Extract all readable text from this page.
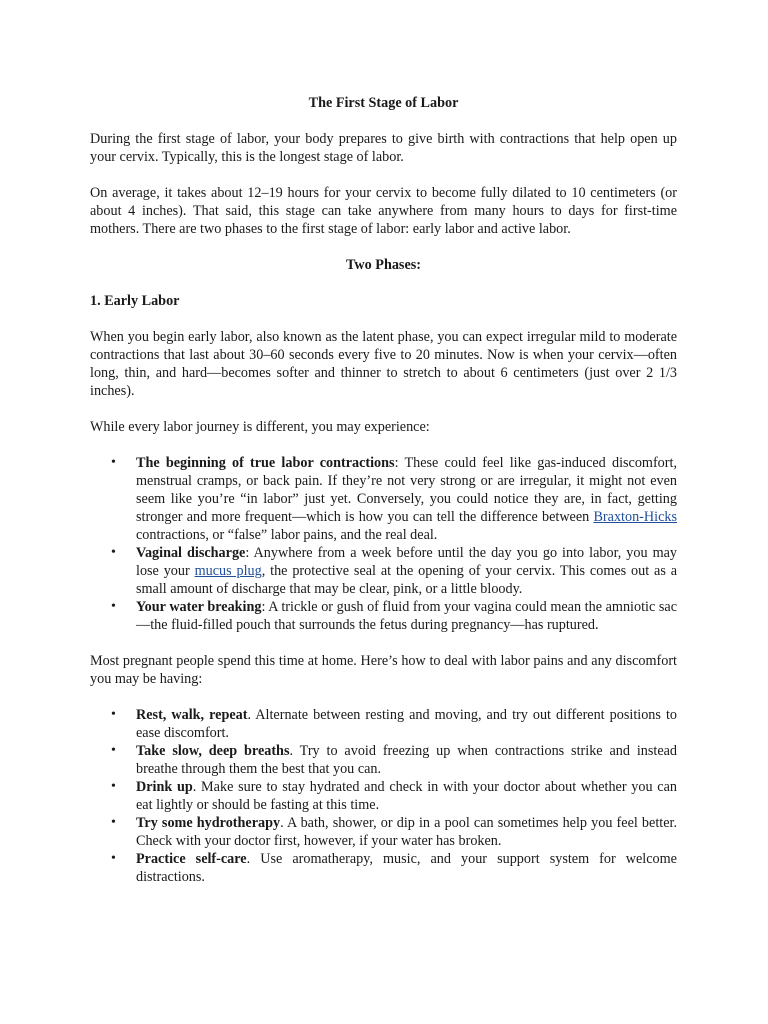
The First Stage of Labor

During the first stage of labor, your body prepares to give birth with contractions that help open up your cervix. Typically, this is the longest stage of labor.

On average, it takes about 12–19 hours for your cervix to become fully dilated to 10 centimeters (or about 4 inches). That said, this stage can take anywhere from many hours to days for first-time mothers. There are two phases to the first stage of labor: early labor and active labor.

Two Phases:
1. Early Labor

When you begin early labor, also known as the latent phase, you can expect irregular mild to moderate contractions that last about 30–60 seconds every five to 20 minutes. Now is when your cervix—often long, thin, and hard—becomes softer and thinner to stretch to about 6 centimeters (just over 2 1/3 inches).

While every labor journey is different, you may experience:

• The beginning of true labor contractions: These could feel like gas-induced discomfort, menstrual cramps, or back pain. If they’re not very strong or are irregular, it might not even seem like you’re “in labor” just yet. Conversely, you could notice they are, in fact, getting stronger and more frequent—which is how you can tell the difference between Braxton-Hicks contractions, or “false” labor pains, and the real deal.
• Vaginal discharge: Anywhere from a week before until the day you go into labor, you may lose your mucus plug, the protective seal at the opening of your cervix. This comes out as a small amount of discharge that may be clear, pink, or a little bloody.
• Your water breaking: A trickle or gush of fluid from your vagina could mean the amniotic sac—the fluid-filled pouch that surrounds the fetus during pregnancy—has ruptured.

Most pregnant people spend this time at home. Here’s how to deal with labor pains and any discomfort you may be having:

• Rest, walk, repeat. Alternate between resting and moving, and try out different positions to ease discomfort.
• Take slow, deep breaths. Try to avoid freezing up when contractions strike and instead breathe through them the best that you can.
• Drink up. Make sure to stay hydrated and check in with your doctor about whether you can eat lightly or should be fasting at this time.
• Try some hydrotherapy. A bath, shower, or dip in a pool can sometimes help you feel better. Check with your doctor first, however, if your water has broken.
• Practice self-care. Use aromatherapy, music, and your support system for welcome distractions.
